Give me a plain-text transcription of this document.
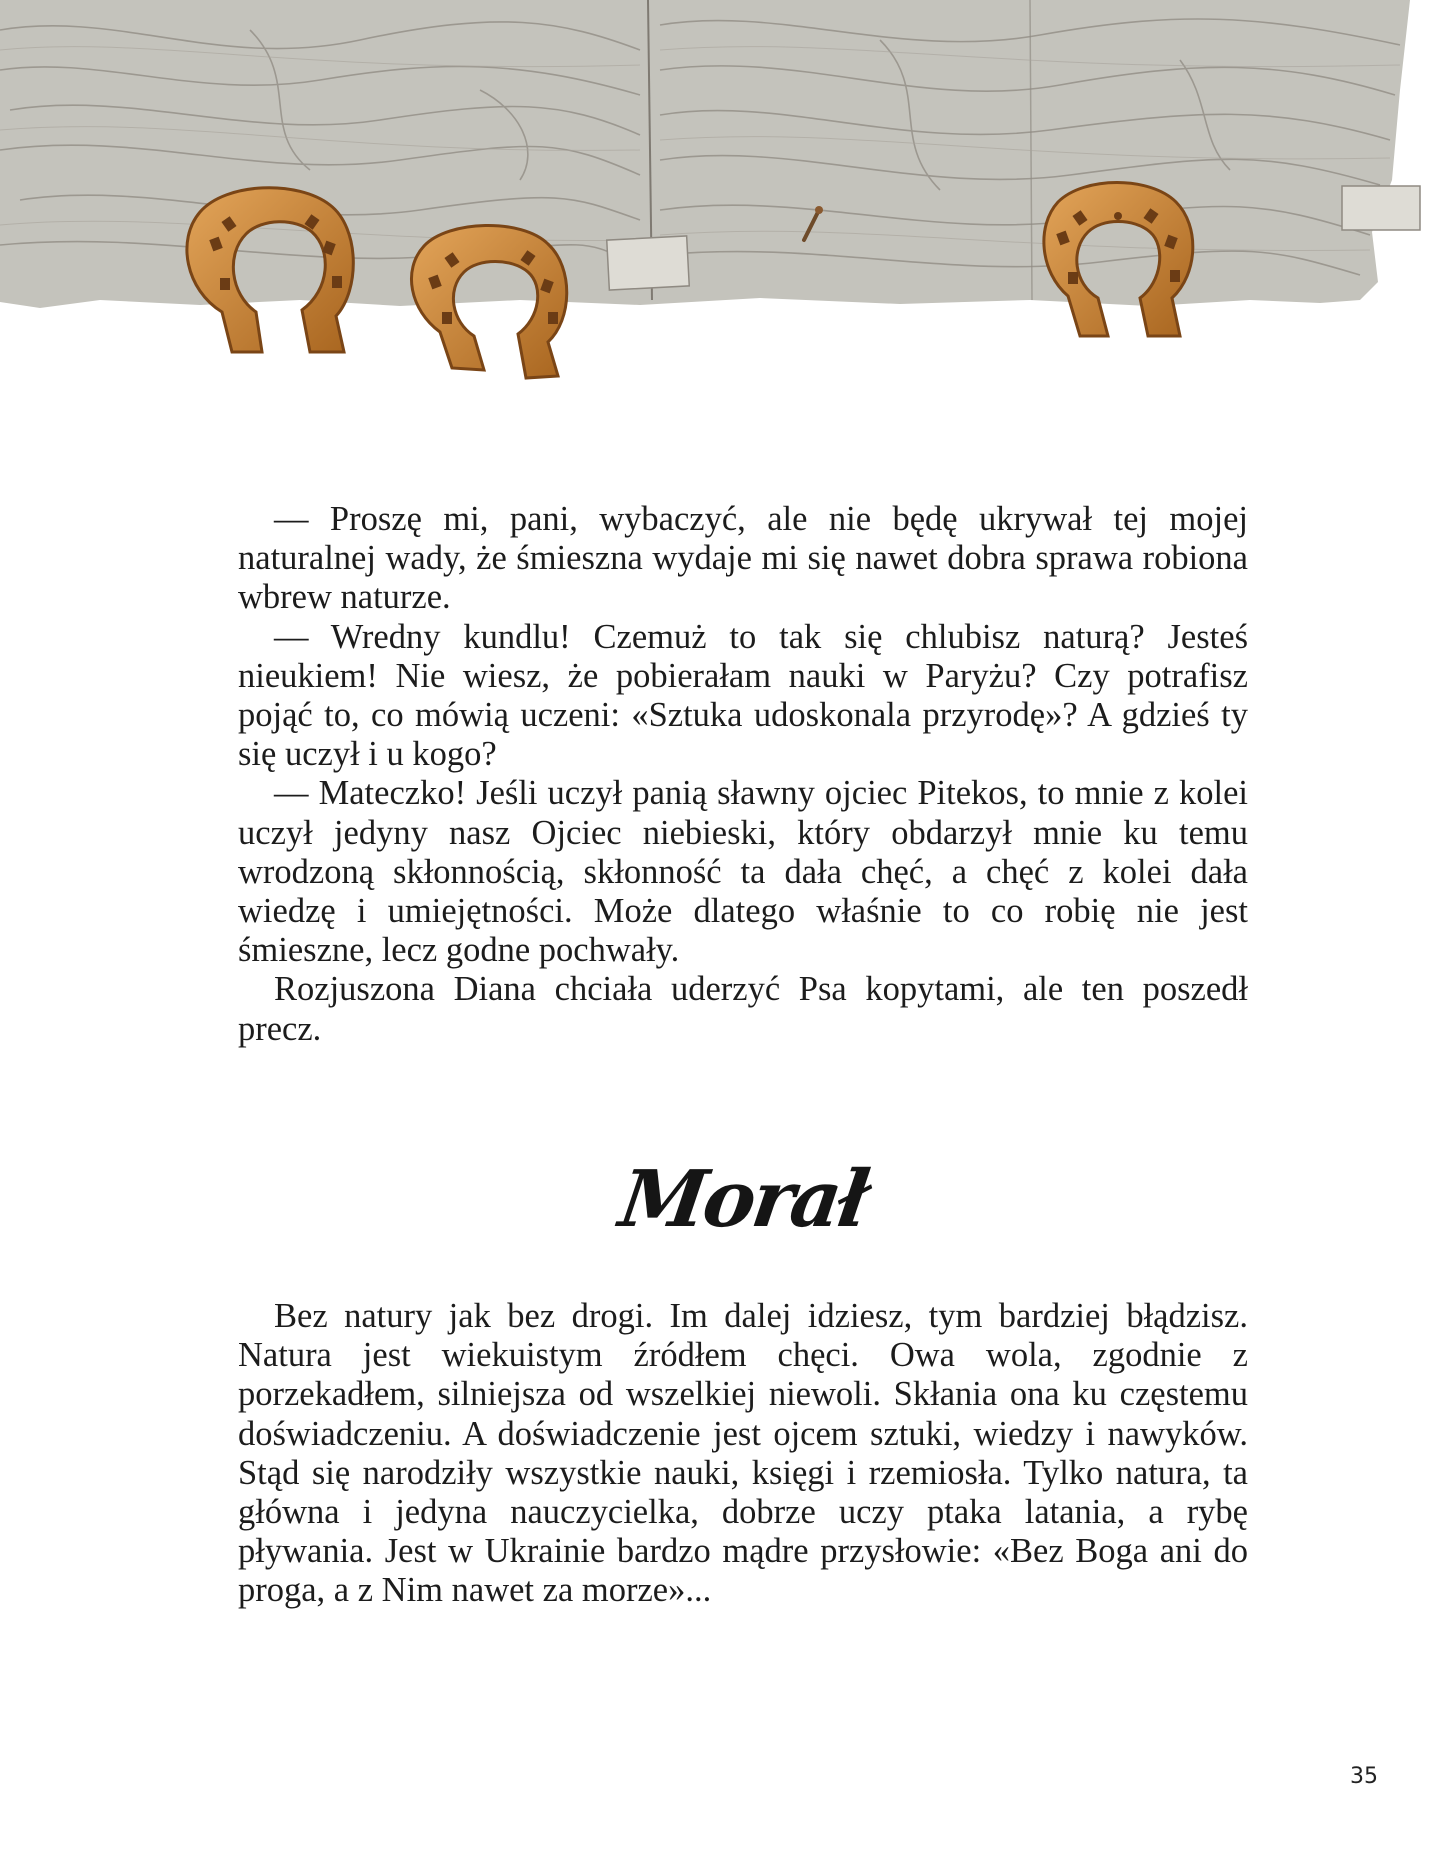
— Proszę mi, pani, wybaczyć, ale nie będę ukrywał tej mojej naturalnej wady, że śmieszna wydaje mi się nawet dobra sprawa robiona wbrew naturze.

— Wredny kundlu! Czemuż to tak się chlubisz naturą? Jesteś nieukiem! Nie wiesz, że pobierałam nauki w Paryżu? Czy potrafisz pojąć to, co mówią uczeni: «Sztuka udoskonala przyrodę»? A gdzieś ty się uczył i u kogo?

— Mateczko! Jeśli uczył panią sławny ojciec Pitekos, to mnie z kolei uczył jedyny nasz Ojciec niebieski, który obdarzył mnie ku temu wrodzoną skłonnością, skłonność ta dała chęć, a chęć z kolei dała wiedzę i umiejętności. Może dlatego właśnie to co robię nie jest śmieszne, lecz godne pochwały.

Rozjuszona Diana chciała uderzyć Psa kopytami, ale ten poszedł precz.

Morał

Bez natury jak bez drogi. Im dalej idziesz, tym bardziej błądzisz. Natura jest wiekuistym źródłem chęci. Owa wola, zgodnie z porzekadłem, silniejsza od wszelkiej niewoli. Skłania ona ku częstemu doświadczeniu. A doświadczenie jest ojcem sztuki, wiedzy i nawyków. Stąd się narodziły wszystkie nauki, księgi i rzemiosła. Tylko natura, ta główna i jedyna nauczycielka, dobrze uczy ptaka latania, a rybę pływania. Jest w Ukrainie bardzo mądre przysłowie: «Bez Boga ani do proga, a z Nim nawet za morze»...

35
